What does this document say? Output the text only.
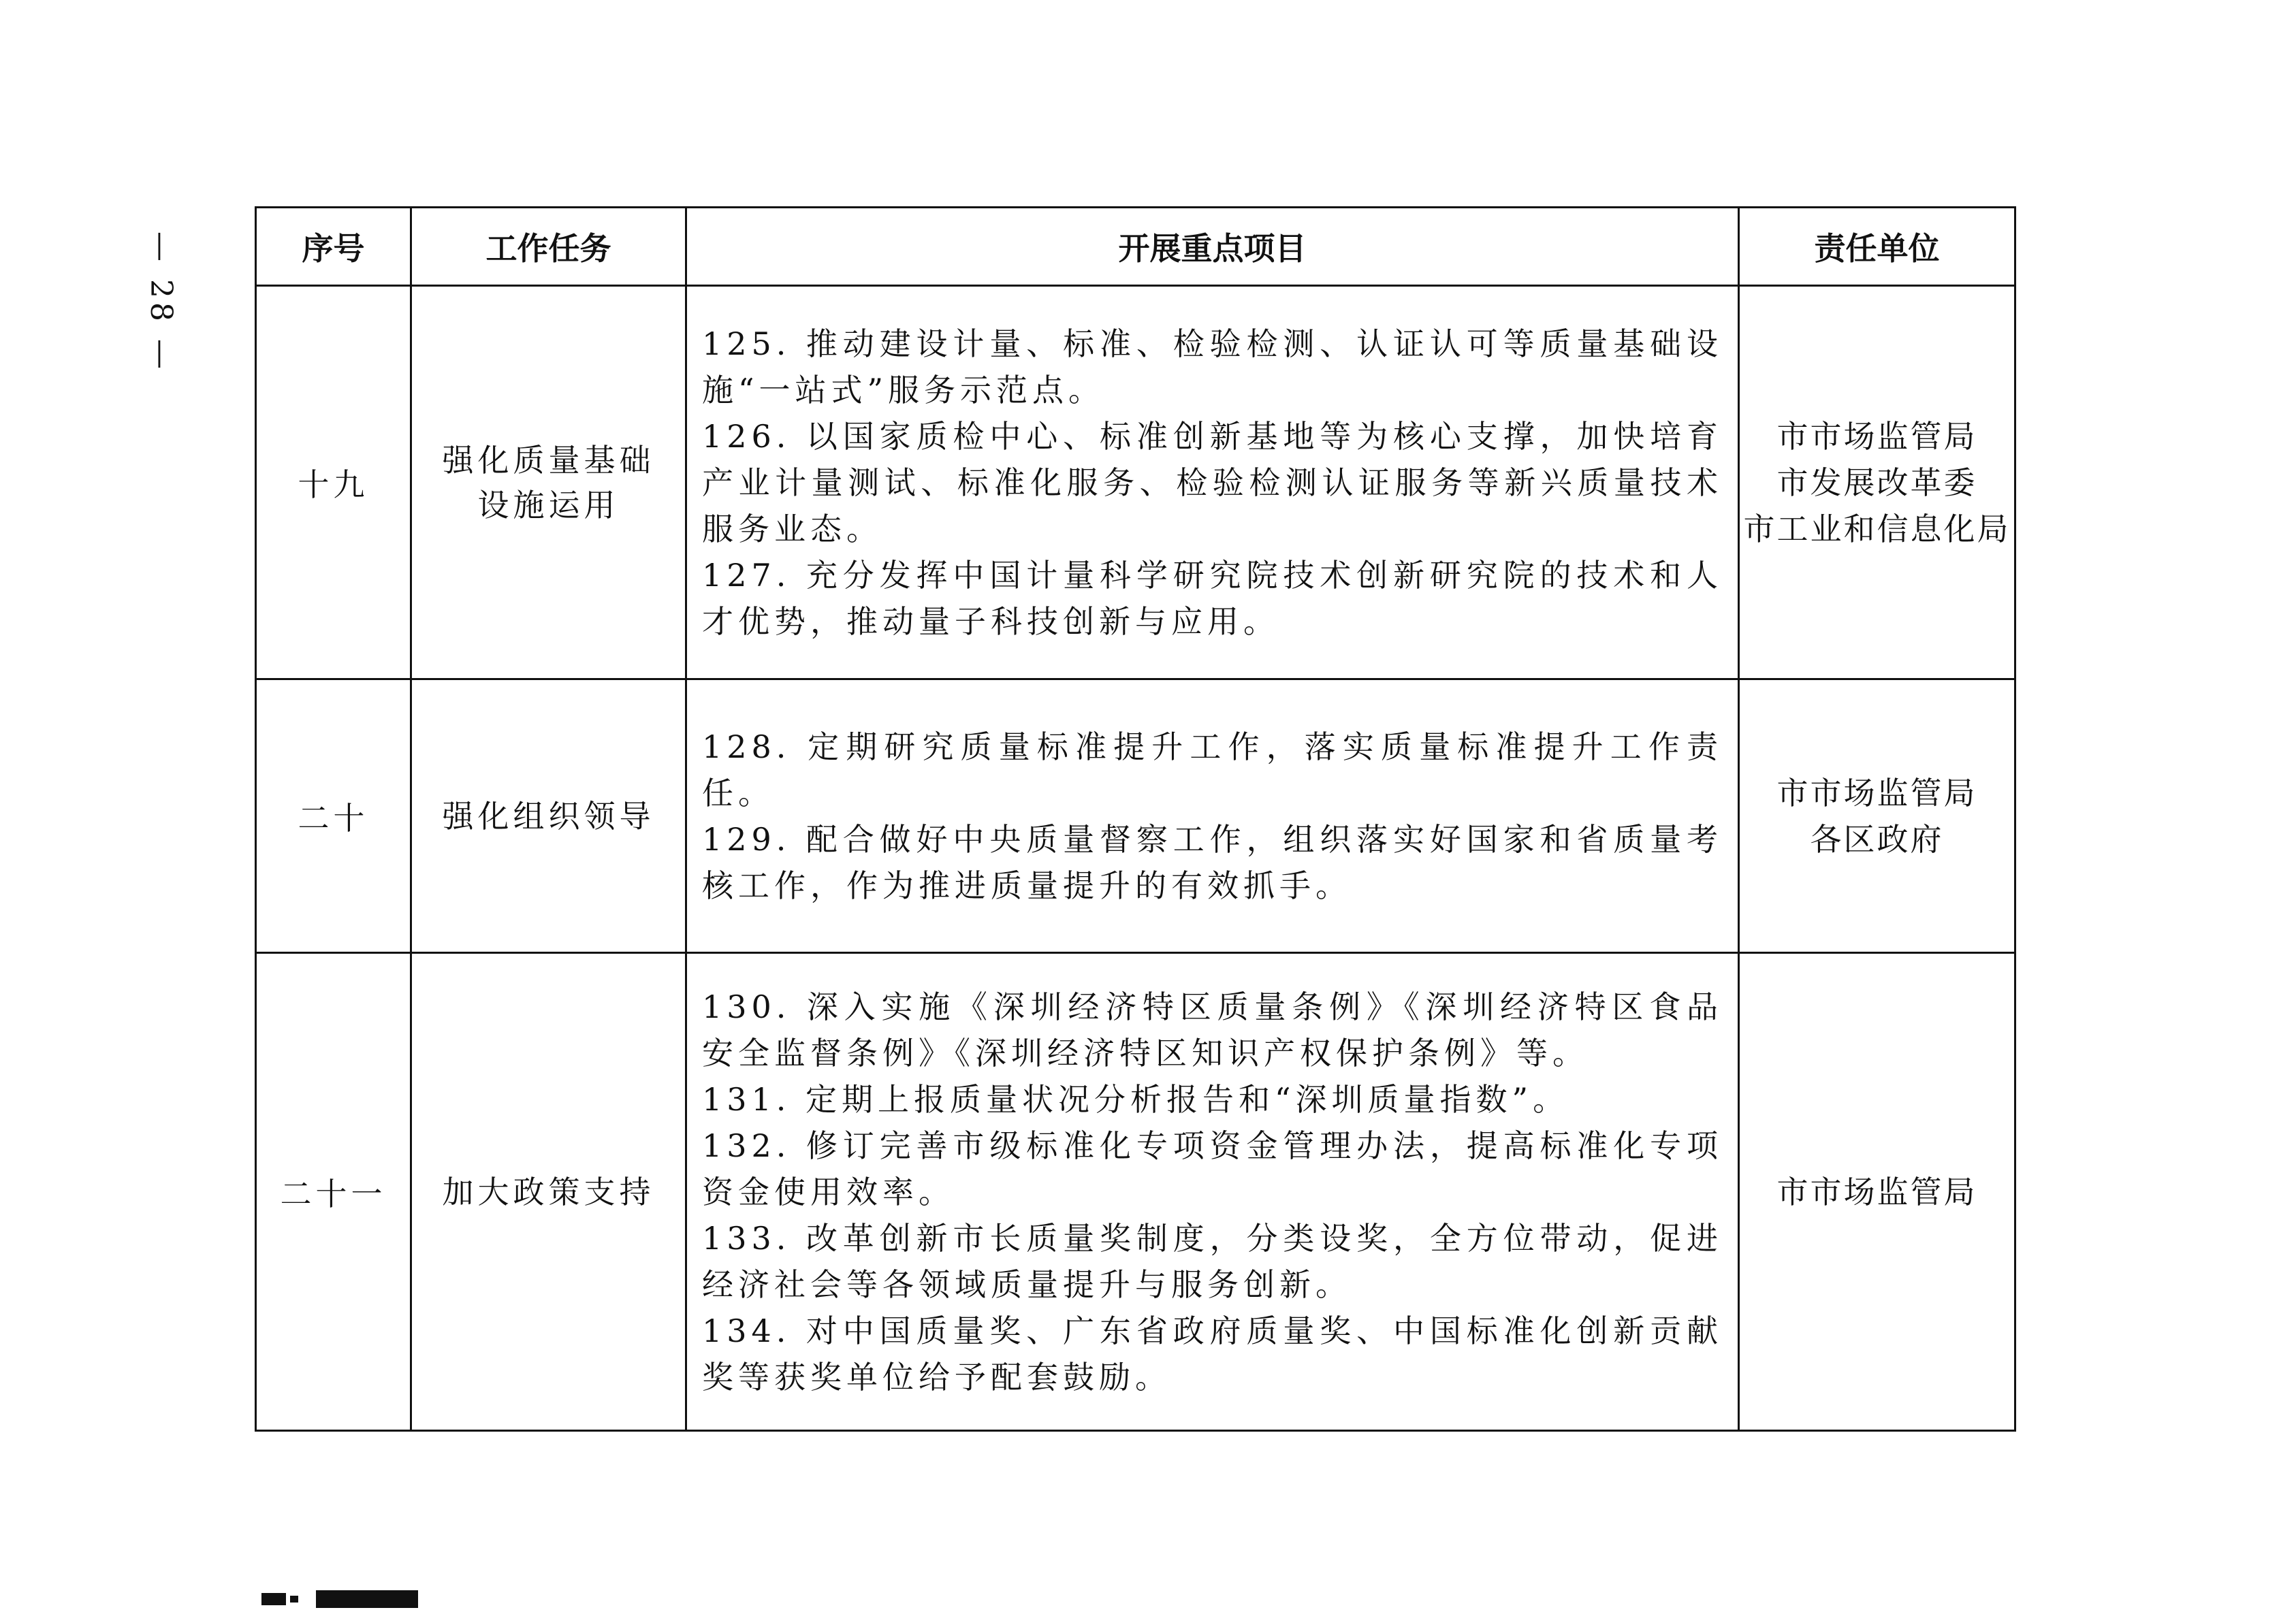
— 28 —	序号	工作任务	开展重点项目	责任单位
十九	强化质量基础
设施运用	125. 推动建设计量、标准、检验检测、认证认可等质量基础设施“一站式”服务示范点。
126. 以国家质检中心、标准创新基地等为核心支撑，加快培育产业计量测试、标准化服务、检验检测认证服务等新兴质量技术服务业态。
127. 充分发挥中国计量科学研究院技术创新研究院的技术和人才优势，推动量子科技创新与应用。	市市场监管局
市发展改革委
市工业和信息化局

二十	强化组织领导	128. 定期研究质量标准提升工作，落实质量标准提升工作责任。
129. 配合做好中央质量督察工作，组织落实好国家和省质量考核工作，作为推进质量提升的有效抓手。	市市场监管局
各区政府

二十一	加大政策支持	130. 深入实施《深圳经济特区质量条例》《深圳经济特区食品安全监督条例》《深圳经济特区知识产权保护条例》等。
131. 定期上报质量状况分析报告和“深圳质量指数”。
132. 修订完善市级标准化专项资金管理办法，提高标准化专项资金使用效率。
133. 改革创新市长质量奖制度，分类设奖，全方位带动，促进经济社会等各领域质量提升与服务创新。
134. 对中国质量奖、广东省政府质量奖、中国标准化创新贡献奖等获奖单位给予配套鼓励。	市市场监管局
